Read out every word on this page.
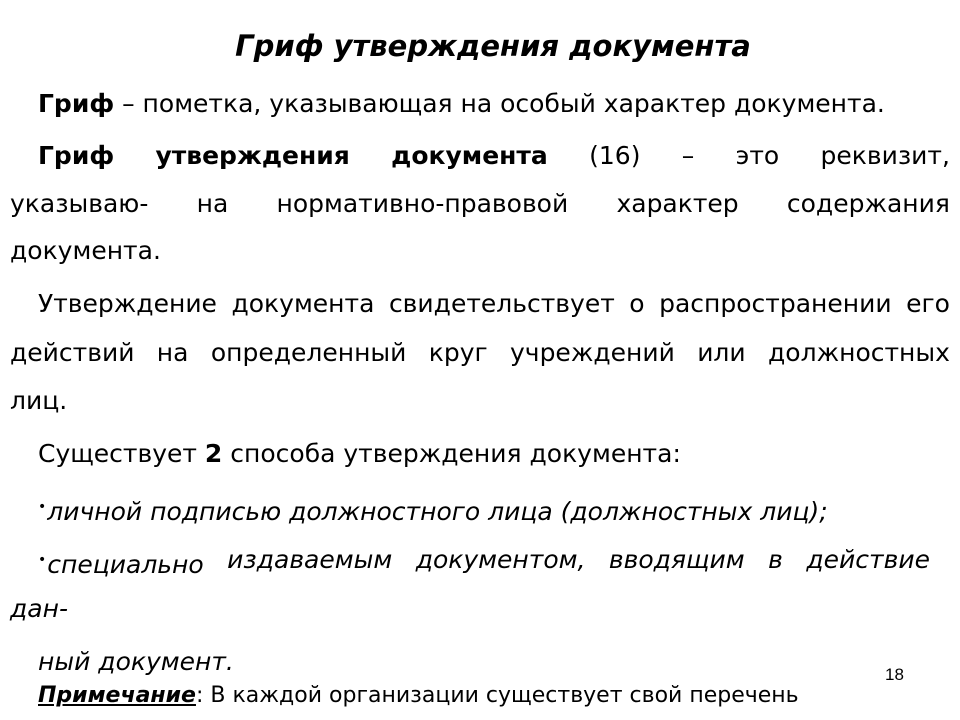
Гриф утверждения документа

Гриф – пометка, указывающая на особый характер документа.

Гриф утверждения документа (16) – это реквизит,

указываю- на нормативно-правовой характер содержания

документа.

Утверждение документа свидетельствует о распространении его

действий на определенный круг учреждений или должностных

лиц.

Существует 2 способа утверждения документа:

•личной подписью должностного лица (должностных лиц);

•специально издаваемым документом, вводящим в действие

дан-

ный документ.	18

Примечание: В каждой организации существует свой перечень
